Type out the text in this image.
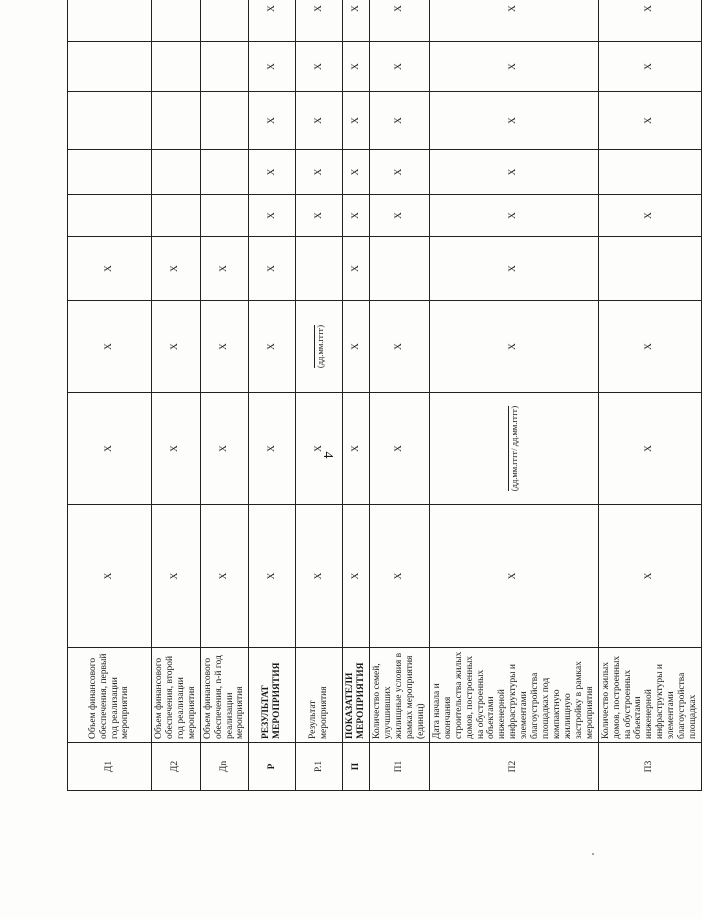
4
Д1	Объем финансового обеспечения, первый год реализации мероприятия	X	X	X	X					
Д2	Объем финансового обеспечения, второй год реализации мероприятия	X	X	X	X					
Дn	Объем финансового обеспечения, n-й год реализации мероприятия	X	X	X	X					
Р	РЕЗУЛЬТАТ МЕРОПРИЯТИЯ	X	X	X	X	X	X	X	X	X
Р.1	Результат мероприятия	X	X	(дд.мм.гггг)		X	X	X	X	X
П	ПОКАЗАТЕЛИ МЕРОПРИЯТИЯ	X	X	X	X	X	X	X	X	X
П1	Количество семей, улучшивших жилищные условия в рамках мероприятия (единиц)	X	X	X		X	X	X	X	X
П2	Дата начала и окончания строительства жилых домов, построенных на обустроенных объектами инженерной инфраструктуры и элементами благоустройства площадках под компактную жилищную застройку в рамках мероприятия	X	(дд.мм.гггг/ дд.мм.гггг)	X	X	X	X	X	X	X
П3	Количество жилых домов, построенных на обустроенных объектами инженерной инфраструктуры и элементами благоустройства площадках	X	X	X		X		X	X	X
